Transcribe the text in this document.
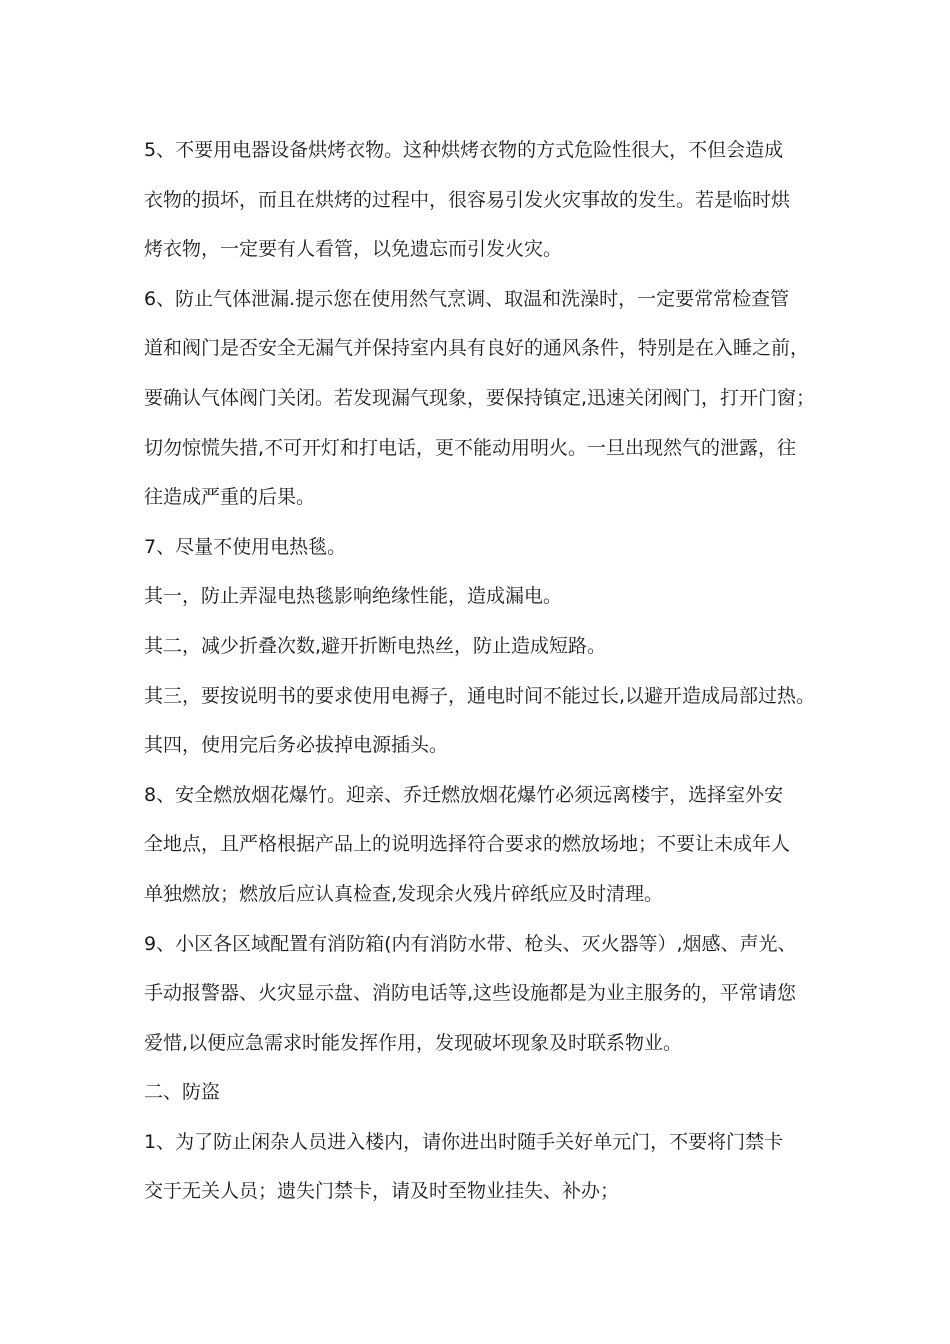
5、不要用电器设备烘烤衣物。这种烘烤衣物的方式危险性很大，不但会造成
衣物的损坏，而且在烘烤的过程中，很容易引发火灾事故的发生。若是临时烘
烤衣物，一定要有人看管，以免遗忘而引发火灾。
6、防止气体泄漏.提示您在使用然气烹调、取温和洗澡时，一定要常常检查管
道和阀门是否安全无漏气并保持室内具有良好的通风条件，特别是在入睡之前，
要确认气体阀门关闭。若发现漏气现象，要保持镇定,迅速关闭阀门，打开门窗；
切勿惊慌失措,不可开灯和打电话，更不能动用明火。一旦出现然气的泄露，往
往造成严重的后果。
7、尽量不使用电热毯。
其一，防止弄湿电热毯影响绝缘性能，造成漏电。
其二，减少折叠次数,避开折断电热丝，防止造成短路。
其三，要按说明书的要求使用电褥子，通电时间不能过长,以避开造成局部过热。
其四，使用完后务必拔掉电源插头。
8、安全燃放烟花爆竹。迎亲、乔迁燃放烟花爆竹必须远离楼宇，选择室外安
全地点，且严格根据产品上的说明选择符合要求的燃放场地；不要让未成年人
单独燃放；燃放后应认真检查,发现余火残片碎纸应及时清理。
9、小区各区域配置有消防箱(内有消防水带、枪头、灭火器等）,烟感、声光、
手动报警器、火灾显示盘、消防电话等,这些设施都是为业主服务的，平常请您
爱惜,以便应急需求时能发挥作用，发现破坏现象及时联系物业。
二、防盗
1、为了防止闲杂人员进入楼内，请你进出时随手关好单元门，不要将门禁卡
交于无关人员；遗失门禁卡，请及时至物业挂失、补办；
